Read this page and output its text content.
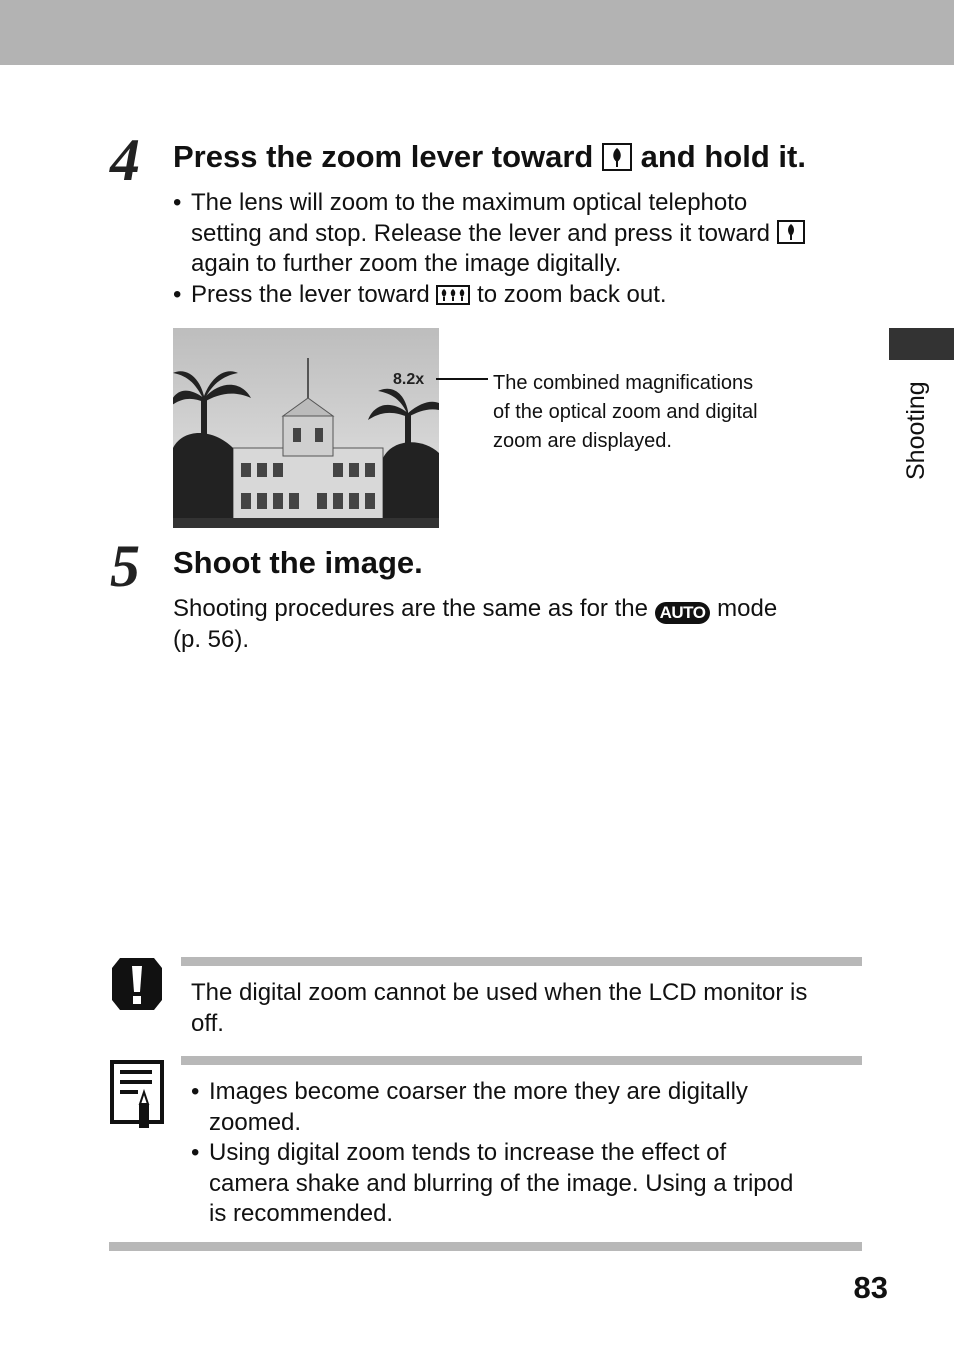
4 Press the zoom lever toward and hold it.
• The lens will zoom to the maximum optical telephoto
setting and stop. Release the lever and press it toward

again to further zoom the image digitally.
• Press the lever toward to zoom back out.
8.2x	The combined magnifications
of the optical zoom and digital
zoom are displayed.	Shooting
5 Shoot the image.
Shooting procedures are the same as for the AUTO mode
(p. 56).
The digital zoom cannot be used when the LCD monitor is
off.
• Images become coarser the more they are digitally
zoomed.
• Using digital zoom tends to increase the effect of
camera shake and blurring of the image. Using a tripod
is recommended.
83
